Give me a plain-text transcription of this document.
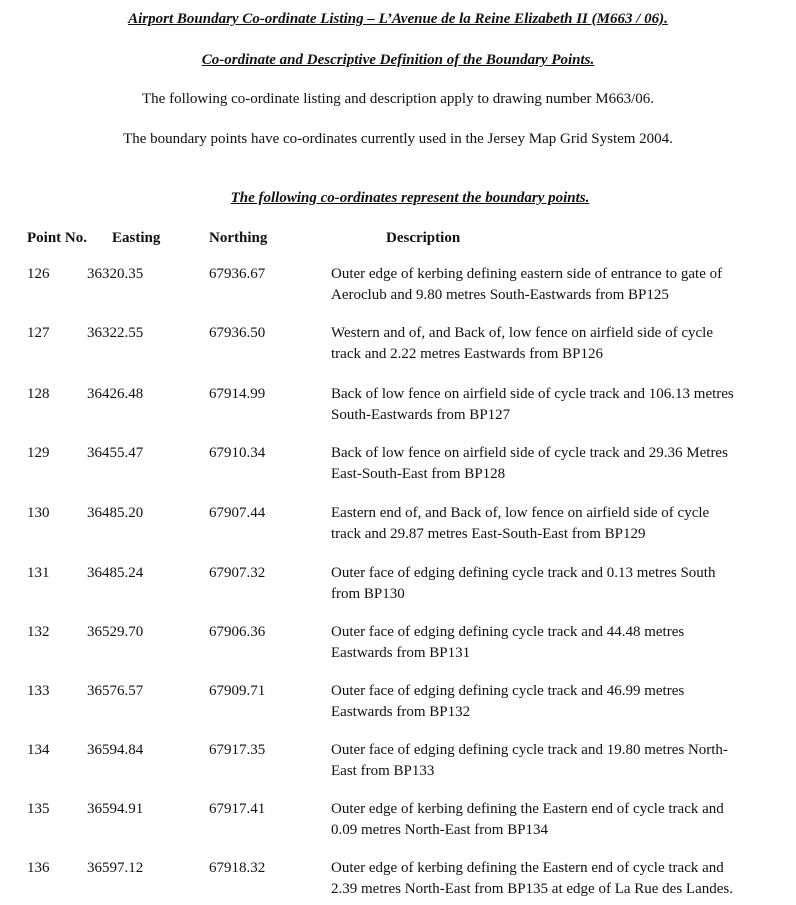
Airport Boundary Co-ordinate Listing – L’Avenue de la Reine Elizabeth II (M663 / 06).
Co-ordinate and Descriptive Definition of the Boundary Points.
The following co-ordinate listing and description apply to drawing number M663/06.
The boundary points have co-ordinates currently used in the Jersey Map Grid System 2004.
The following co-ordinates represent the boundary points.
Point No. Easting	Northing	Description
126	36320.35	67936.67	Outer edge of kerbing defining eastern side of entrance to gate of
Aeroclub and 9.80 metres South-Eastwards from BP125
127	36322.55	67936.50	Western and of, and Back of, low fence on airfield side of cycle
track and 2.22 metres Eastwards from BP126
128	36426.48	67914.99	Back of low fence on airfield side of cycle track and 106.13 metres
South-Eastwards from BP127
129	36455.47	67910.34	Back of low fence on airfield side of cycle track and 29.36 Metres
East-South-East from BP128
130	36485.20	67907.44	Eastern end of, and Back of, low fence on airfield side of cycle
track and 29.87 metres East-South-East from BP129
131	36485.24	67907.32	Outer face of edging defining cycle track and 0.13 metres South
from BP130
132	36529.70	67906.36	Outer face of edging defining cycle track and 44.48 metres
Eastwards from BP131
133	36576.57	67909.71	Outer face of edging defining cycle track and 46.99 metres
Eastwards from BP132
134	36594.84	67917.35	Outer face of edging defining cycle track and 19.80 metres North-
East from BP133
135	36594.91	67917.41	Outer edge of kerbing defining the Eastern end of cycle track and
0.09 metres North-East from BP134
136	36597.12	67918.32	Outer edge of kerbing defining the Eastern end of cycle track and
2.39 metres North-East from BP135 at edge of La Rue des Landes.
